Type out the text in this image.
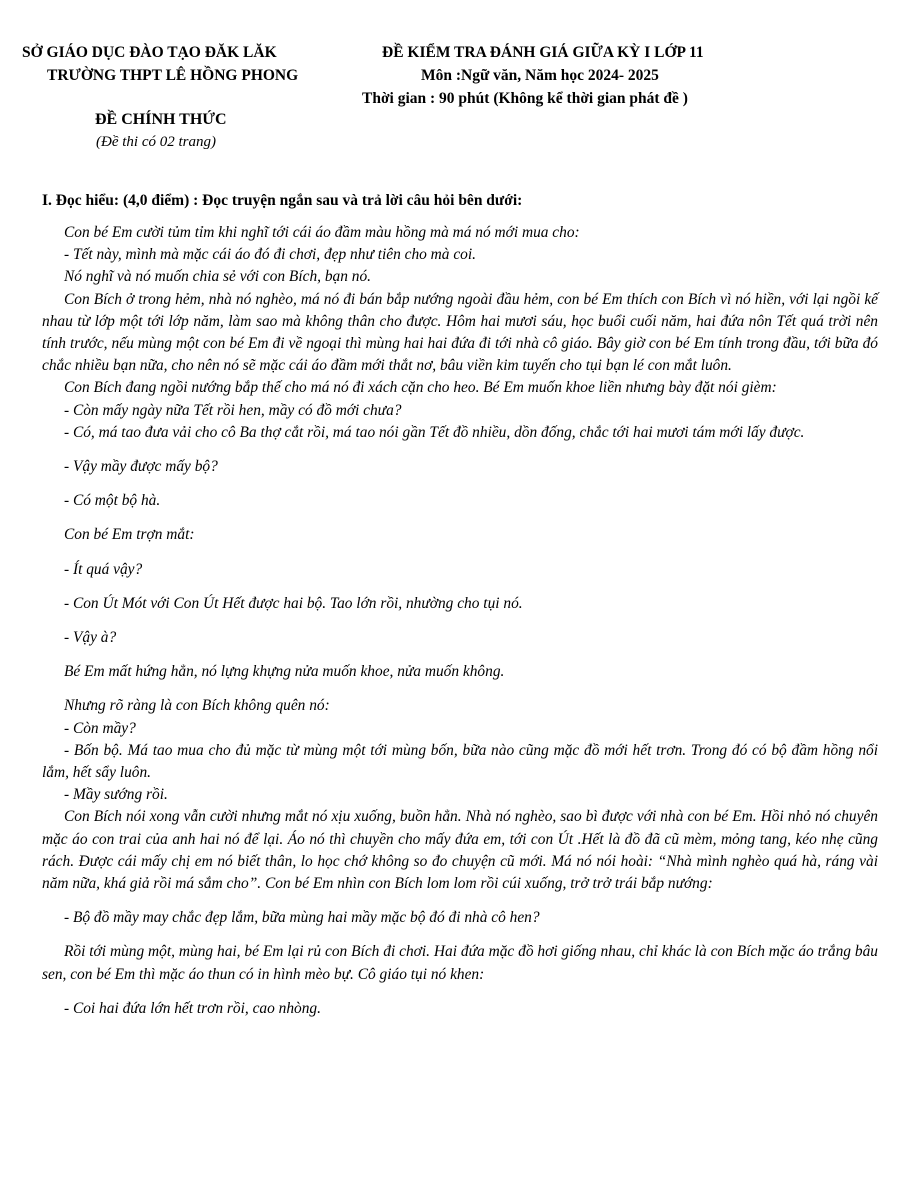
SỞ GIÁO DỤC ĐÀO TẠO ĐĂK LĂK
TRƯỜNG THPT LÊ HỒNG PHONG
ĐỀ KIỂM TRA ĐÁNH GIÁ GIỮA KỲ I LỚP 11
Môn :Ngữ văn, Năm học 2024- 2025
Thời gian : 90 phút (Không kể thời gian phát đề )
ĐỀ CHÍNH THỨC
(Đề thi có 02 trang)
I. Đọc hiểu: (4,0 điểm) : Đọc truyện ngắn sau và trả lời câu hỏi bên dưới:

Con bé Em cười tủm tỉm khi nghĩ tới cái áo đầm màu hồng mà má nó mới mua cho:

- Tết này, mình mà mặc cái áo đó đi chơi, đẹp như tiên cho mà coi.

Nó nghĩ và nó muốn chia sẻ với con Bích, bạn nó.

Con Bích ở trong hẻm, nhà nó nghèo, má nó đi bán bắp nướng ngoài đầu hẻm, con bé Em thích con Bích vì nó hiền, với lại ngồi kế nhau từ lớp một tới lớp năm, làm sao mà không thân cho được. Hôm hai mươi sáu, học buổi cuối năm, hai đứa nôn Tết quá trời nên tính trước, nếu mùng một con bé Em đi về ngoại thì mùng hai hai đứa đi tới nhà cô giáo. Bây giờ con bé Em tính trong đầu, tới bữa đó chắc nhiều bạn nữa, cho nên nó sẽ mặc cái áo đầm mới thắt nơ, bâu viền kim tuyến cho tụi bạn lé con mắt luôn.

Con Bích đang ngồi nướng bắp thế cho má nó đi xách cặn cho heo. Bé Em muốn khoe liền nhưng bày đặt nói gièm:

- Còn mấy ngày nữa Tết rồi hen, mầy có đồ mới chưa?

- Có, má tao đưa vải cho cô Ba thợ cắt rồi, má tao nói gần Tết đồ nhiều, dồn đống, chắc tới hai mươi tám mới lấy được.

- Vậy mầy được mấy bộ?

- Có một bộ hà.

Con bé Em trợn mắt:

- Ít quá vậy?

- Con Út Mót với Con Út Hết được hai bộ. Tao lớn rồi, nhường cho tụi nó.

- Vậy à?

Bé Em mất hứng hẳn, nó lựng khựng nửa muốn khoe, nửa muốn không.

Nhưng rõ ràng là con Bích không quên nó:

- Còn mầy?

- Bốn bộ. Má tao mua cho đủ mặc từ mùng một tới mùng bốn, bữa nào cũng mặc đồ mới hết trơn. Trong đó có bộ đầm hồng nổi lắm, hết sẩy luôn.

- Mầy sướng rồi.

Con Bích nói xong vẫn cười nhưng mắt nó xịu xuống, buồn hẳn. Nhà nó nghèo, sao bì được với nhà con bé Em. Hồi nhỏ nó chuyên mặc áo con trai của anh hai nó để lại. Áo nó thì chuyền cho mấy đứa em, tới con Út .Hết là đồ đã cũ mèm, mỏng tang, kéo nhẹ cũng rách. Được cái mấy chị em nó biết thân, lo học chớ không so đo chuyện cũ mới. Má nó nói hoài: “Nhà mình nghèo quá hà, ráng vài năm nữa, khá giả rồi má sắm cho”. Con bé Em nhìn con Bích lom lom rồi cúi xuống, trở trở trái bắp nướng:

- Bộ đồ mầy may chắc đẹp lắm, bữa mùng hai mầy mặc bộ đó đi nhà cô hen?

Rồi tới mùng một, mùng hai, bé Em lại rủ con Bích đi chơi. Hai đứa mặc đồ hơi giống nhau, chỉ khác là con Bích mặc áo trắng bâu sen, con bé Em thì mặc áo thun có in hình mèo bự. Cô giáo tụi nó khen:

- Coi hai đứa lớn hết trơn rồi, cao nhòng.
